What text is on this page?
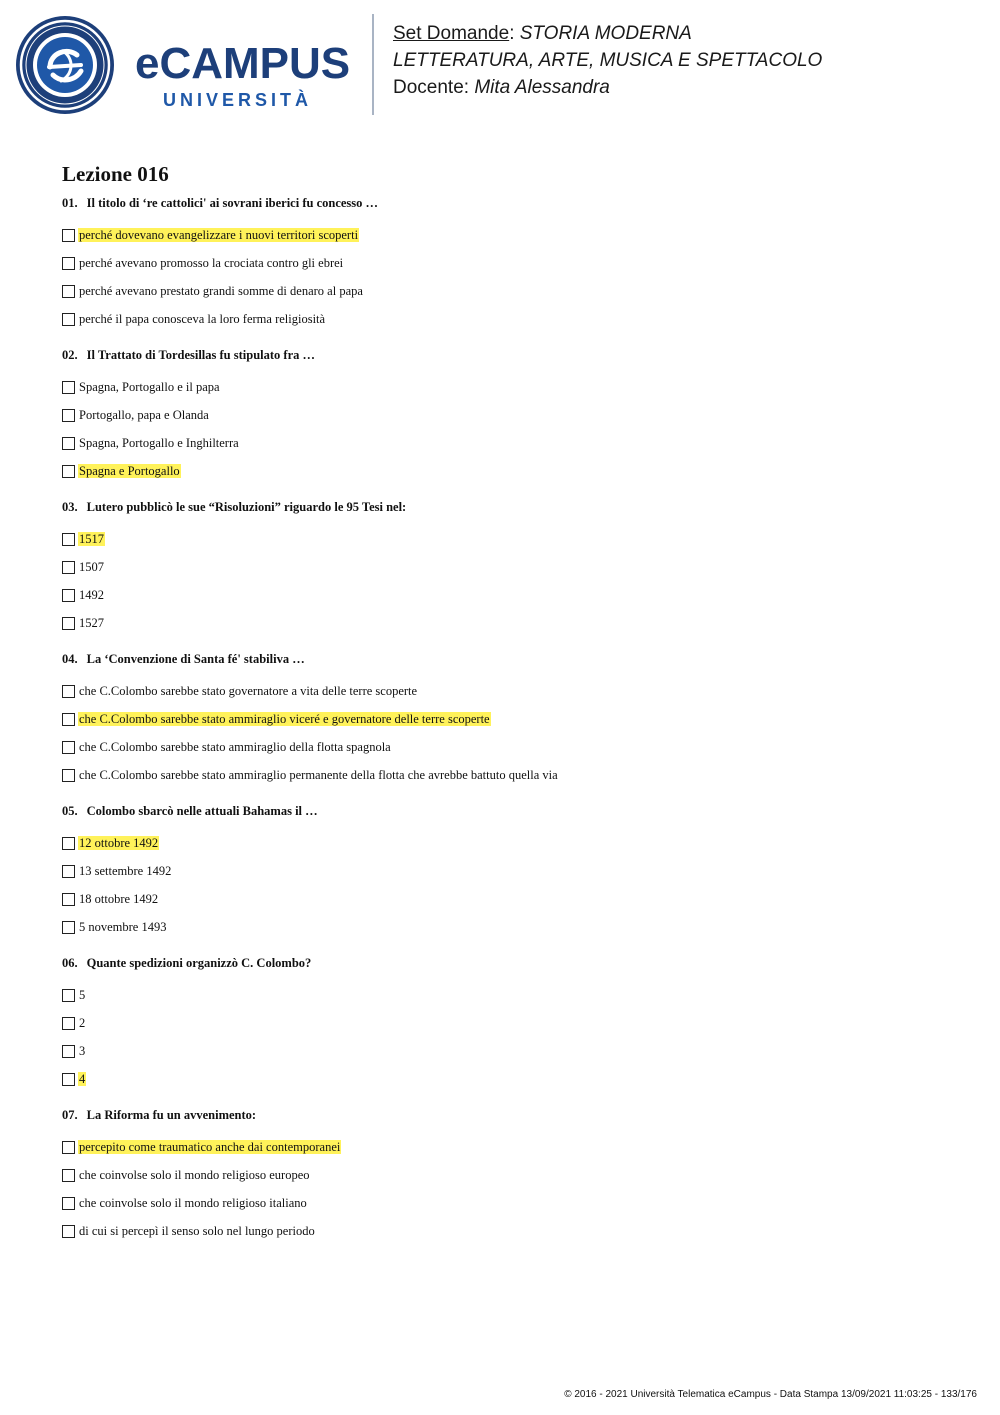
eCAMPUS
UNIVERSITÀ
Set Domande: STORIA MODERNA
LETTERATURA, ARTE, MUSICA E SPETTACOLO
Docente: Mita Alessandra
Lezione 016
01. Il titolo di ‘re cattolici' ai sovrani iberici fu concesso …
perché dovevano evangelizzare i nuovi territori scoperti
perché avevano promosso la crociata contro gli ebrei
perché avevano prestato grandi somme di denaro al papa
perché il papa conosceva la loro ferma religiosità
02. Il Trattato di Tordesillas fu stipulato fra …
Spagna, Portogallo e il papa
Portogallo, papa e Olanda
Spagna, Portogallo e Inghilterra
Spagna e Portogallo
03. Lutero pubblicò le sue “Risoluzioni” riguardo le 95 Tesi nel:
1517
1507
1492
1527
04. La ‘Convenzione di Santa fé' stabiliva …
che C.Colombo sarebbe stato governatore a vita delle terre scoperte
che C.Colombo sarebbe stato ammiraglio viceré e governatore delle terre scoperte
che C.Colombo sarebbe stato ammiraglio della flotta spagnola
che C.Colombo sarebbe stato ammiraglio permanente della flotta che avrebbe battuto quella via
05. Colombo sbarcò nelle attuali Bahamas il …
12 ottobre 1492
13 settembre 1492
18 ottobre 1492
5 novembre 1493
06. Quante spedizioni organizzò C. Colombo?
5
2
3
4
07. La Riforma fu un avvenimento:
percepito come traumatico anche dai contemporanei
che coinvolse solo il mondo religioso europeo
che coinvolse solo il mondo religioso italiano
di cui si percepì il senso solo nel lungo periodo
© 2016 - 2021 Università Telematica eCampus - Data Stampa 13/09/2021 11:03:25 - 133/176
